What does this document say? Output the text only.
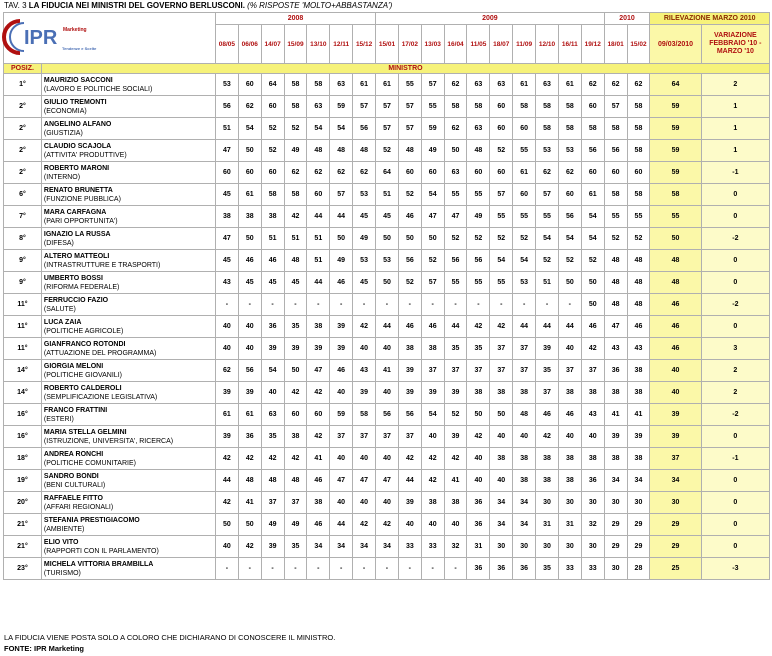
TAV. 3 LA FIDUCIA NEI MINISTRI DEL GOVERNO BERLUSCONI. (% RISPOSTE 'MOLTO+ABBASTANZA')
IPR Marketing
Tendenze e Scelte		2008							2009										2010		RILEVAZIONE MARZO 2010	
		08/05	06/06	14/07	15/09	13/10	12/11	15/12	15/01	17/02	13/03	16/04	11/05	18/07	11/09	12/10	16/11	19/12	18/01	15/02	09/03/2010	VARIAZIONE
FEBBRAIO '10 -
MARZO '10

POSIZ.	MINISTRO																					
1°	MAURIZIO SACCONI
(LAVORO E POLITICHE SOCIALI)	53	60	64	58	58	63	61	61	55	57	62	63	63	61	63	61	62	62	62	64	2
2°	GIULIO TREMONTI
(ECONOMIA)	56	62	60	58	63	59	57	57	57	55	58	58	60	58	58	58	60	57	58	59	1
2°	ANGELINO ALFANO
(GIUSTIZIA)	51	54	52	52	54	54	56	57	57	59	62	63	60	60	58	58	58	58	58	59	1
2°	CLAUDIO SCAJOLA
(ATTIVITA' PRODUTTIVE)	47	50	52	49	48	48	48	52	48	49	50	48	52	55	53	53	56	56	58	59	1
2°	ROBERTO MARONI
(INTERNO)	60	60	60	62	62	62	62	64	60	60	63	60	60	61	62	62	60	60	60	59	-1
6°	RENATO BRUNETTA
(FUNZIONE PUBBLICA)	45	61	58	58	60	57	53	51	52	54	55	55	57	60	57	60	61	58	58	58	0
7°	MARA CARFAGNA
(PARI OPPORTUNITA')	38	38	38	42	44	44	45	45	46	47	47	49	55	55	55	56	54	55	55	55	0
8°	IGNAZIO LA RUSSA
(DIFESA)	47	50	51	51	51	50	49	50	50	50	52	52	52	52	54	54	54	52	52	50	-2
9°	ALTERO MATTEOLI
(INTRASTRUTTURE E TRASPORTI)	45	46	46	48	51	49	53	53	56	52	56	56	54	54	52	52	52	48	48	48	0
9°	UMBERTO BOSSI
(RIFORMA FEDERALE)	43	45	45	45	44	46	45	50	52	57	55	55	55	53	51	50	50	48	48	48	0
11°	FERRUCCIO FAZIO
(SALUTE)	-	-	-	-	-	-	-	-	-	-	-	-	-	-	-	-	50	48	48	46	-2
11°	LUCA ZAIA
(POLITICHE AGRICOLE)	40	40	36	35	38	39	42	44	46	46	44	42	42	44	44	44	46	47	46	46	0
11°	GIANFRANCO ROTONDI
(ATTUAZIONE DEL PROGRAMMA)	40	40	39	39	39	39	40	40	38	38	35	35	37	37	39	40	42	43	43	46	3
14°	GIORGIA MELONI
(POLITICHE GIOVANILI)	62	56	54	50	47	46	43	41	39	37	37	37	37	37	35	37	37	36	38	40	2
14°	ROBERTO CALDEROLI
(SEMPLIFICAZIONE LEGISLATIVA)	39	39	40	42	42	40	39	40	39	39	39	38	38	38	37	38	38	38	38	40	2
16°	FRANCO FRATTINI
(ESTERI)	61	61	63	60	60	59	58	56	56	54	52	50	50	48	46	46	43	41	41	39	-2
16°	MARIA STELLA GELMINI
(ISTRUZIONE, UNIVERSITA', RICERCA)	39	36	35	38	42	37	37	37	37	40	39	42	40	40	42	40	40	39	39	39	0
18°	ANDREA RONCHI
(POLITICHE COMUNITARIE)	42	42	42	42	41	40	40	40	42	42	42	40	38	38	38	38	38	38	38	37	-1
19°	SANDRO BONDI
(BENI CULTURALI)	44	48	48	48	46	47	47	47	44	42	41	40	40	38	38	38	36	34	34	34	0
20°	RAFFAELE FITTO
(AFFARI REGIONALI)	42	41	37	37	38	40	40	40	39	38	38	36	34	34	30	30	30	30	30	30	0
21°	STEFANIA PRESTIGIACOMO
(AMBIENTE)	50	50	49	49	46	44	42	42	40	40	40	36	34	34	31	31	32	29	29	29	0
21°	ELIO VITO
(RAPPORTI CON IL PARLAMENTO)	40	42	39	35	34	34	34	34	33	33	32	31	30	30	30	30	30	29	29	29	0
23°	MICHELA VITTORIA BRAMBILLA
(TURISMO)	-	-	-	-	-	-	-	-	-	-	-	36	36	36	35	33	33	30	28	25	-3
LA FIDUCIA VIENE POSTA SOLO A COLORO CHE DICHIARANO DI CONOSCERE IL MINISTRO.
FONTE: IPR Marketing
